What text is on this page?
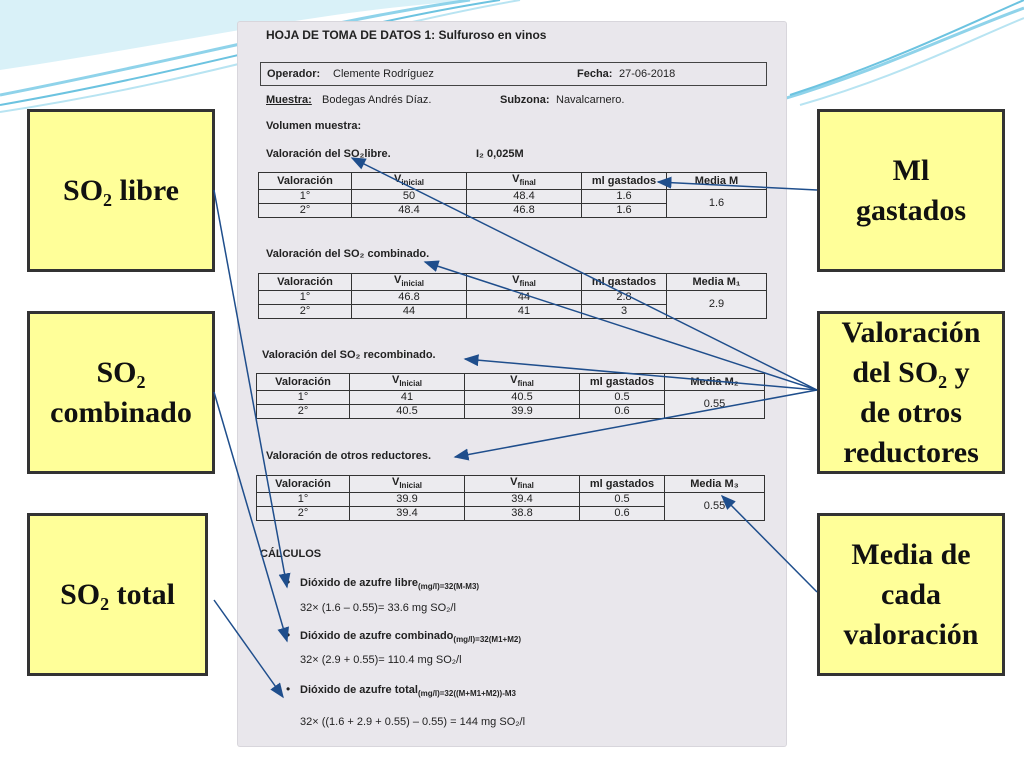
HOJA DE TOMA DE DATOS 1: Sulfuroso en vinos
Operador: Clemente Rodríguez	Fecha: 27-06-2018
Muestra: Bodegas Andrés Díaz.	Subzona: Navalcarnero.
Volumen muestra:
Valoración del SO₂libre.	I₂ 0,025M
Valoración	$V_{inicial}$	$V_{final}$	ml gastados	Media M
1°	50	48.4	1.6	1.6
2°	48.4	46.8	1.6	
Valoración del SO₂ combinado.
Valoración	$V_{inicial}$	$V_{final}$	ml gastados	Media M₁
1°	46.8	44	2.8	2.9
2°	44	41	3	
Valoración del SO₂ recombinado.
Valoración	$V_{Inicial}$	$V_{final}$	ml gastados	Media M₂
1°	41	40.5	0.5	0.55
2°	40.5	39.9	0.6	
Valoración de otros reductores.
Valoración	$V_{Inicial}$	$V_{final}$	ml gastados	Media M₃
1°	39.9	39.4	0.5	0.55
2°	39.4	38.8	0.6	
CÁLCULOS
• Dióxido de azufre libre$_{(mg/l)=32(M-M3)}$
32× (1.6 – 0.55)= 33.6 mg SO₂/l
• Dióxido de azufre combinado$_{(mg/l)=32(M1+M2)}$
32× (2.9 + 0.55)= 110.4 mg SO₂/l
• Dióxido de azufre total$_{(mg/l)=32((M+M1+M2))-M3}$
32× ((1.6 + 2.9 + 0.55) – 0.55) = 144 mg SO₂/l
SO₂ libre
SO₂
combinado
SO₂ total
Ml
gastados
Valoración
del SO₂ y
de otros
reductores
Media de
cada
valoración
